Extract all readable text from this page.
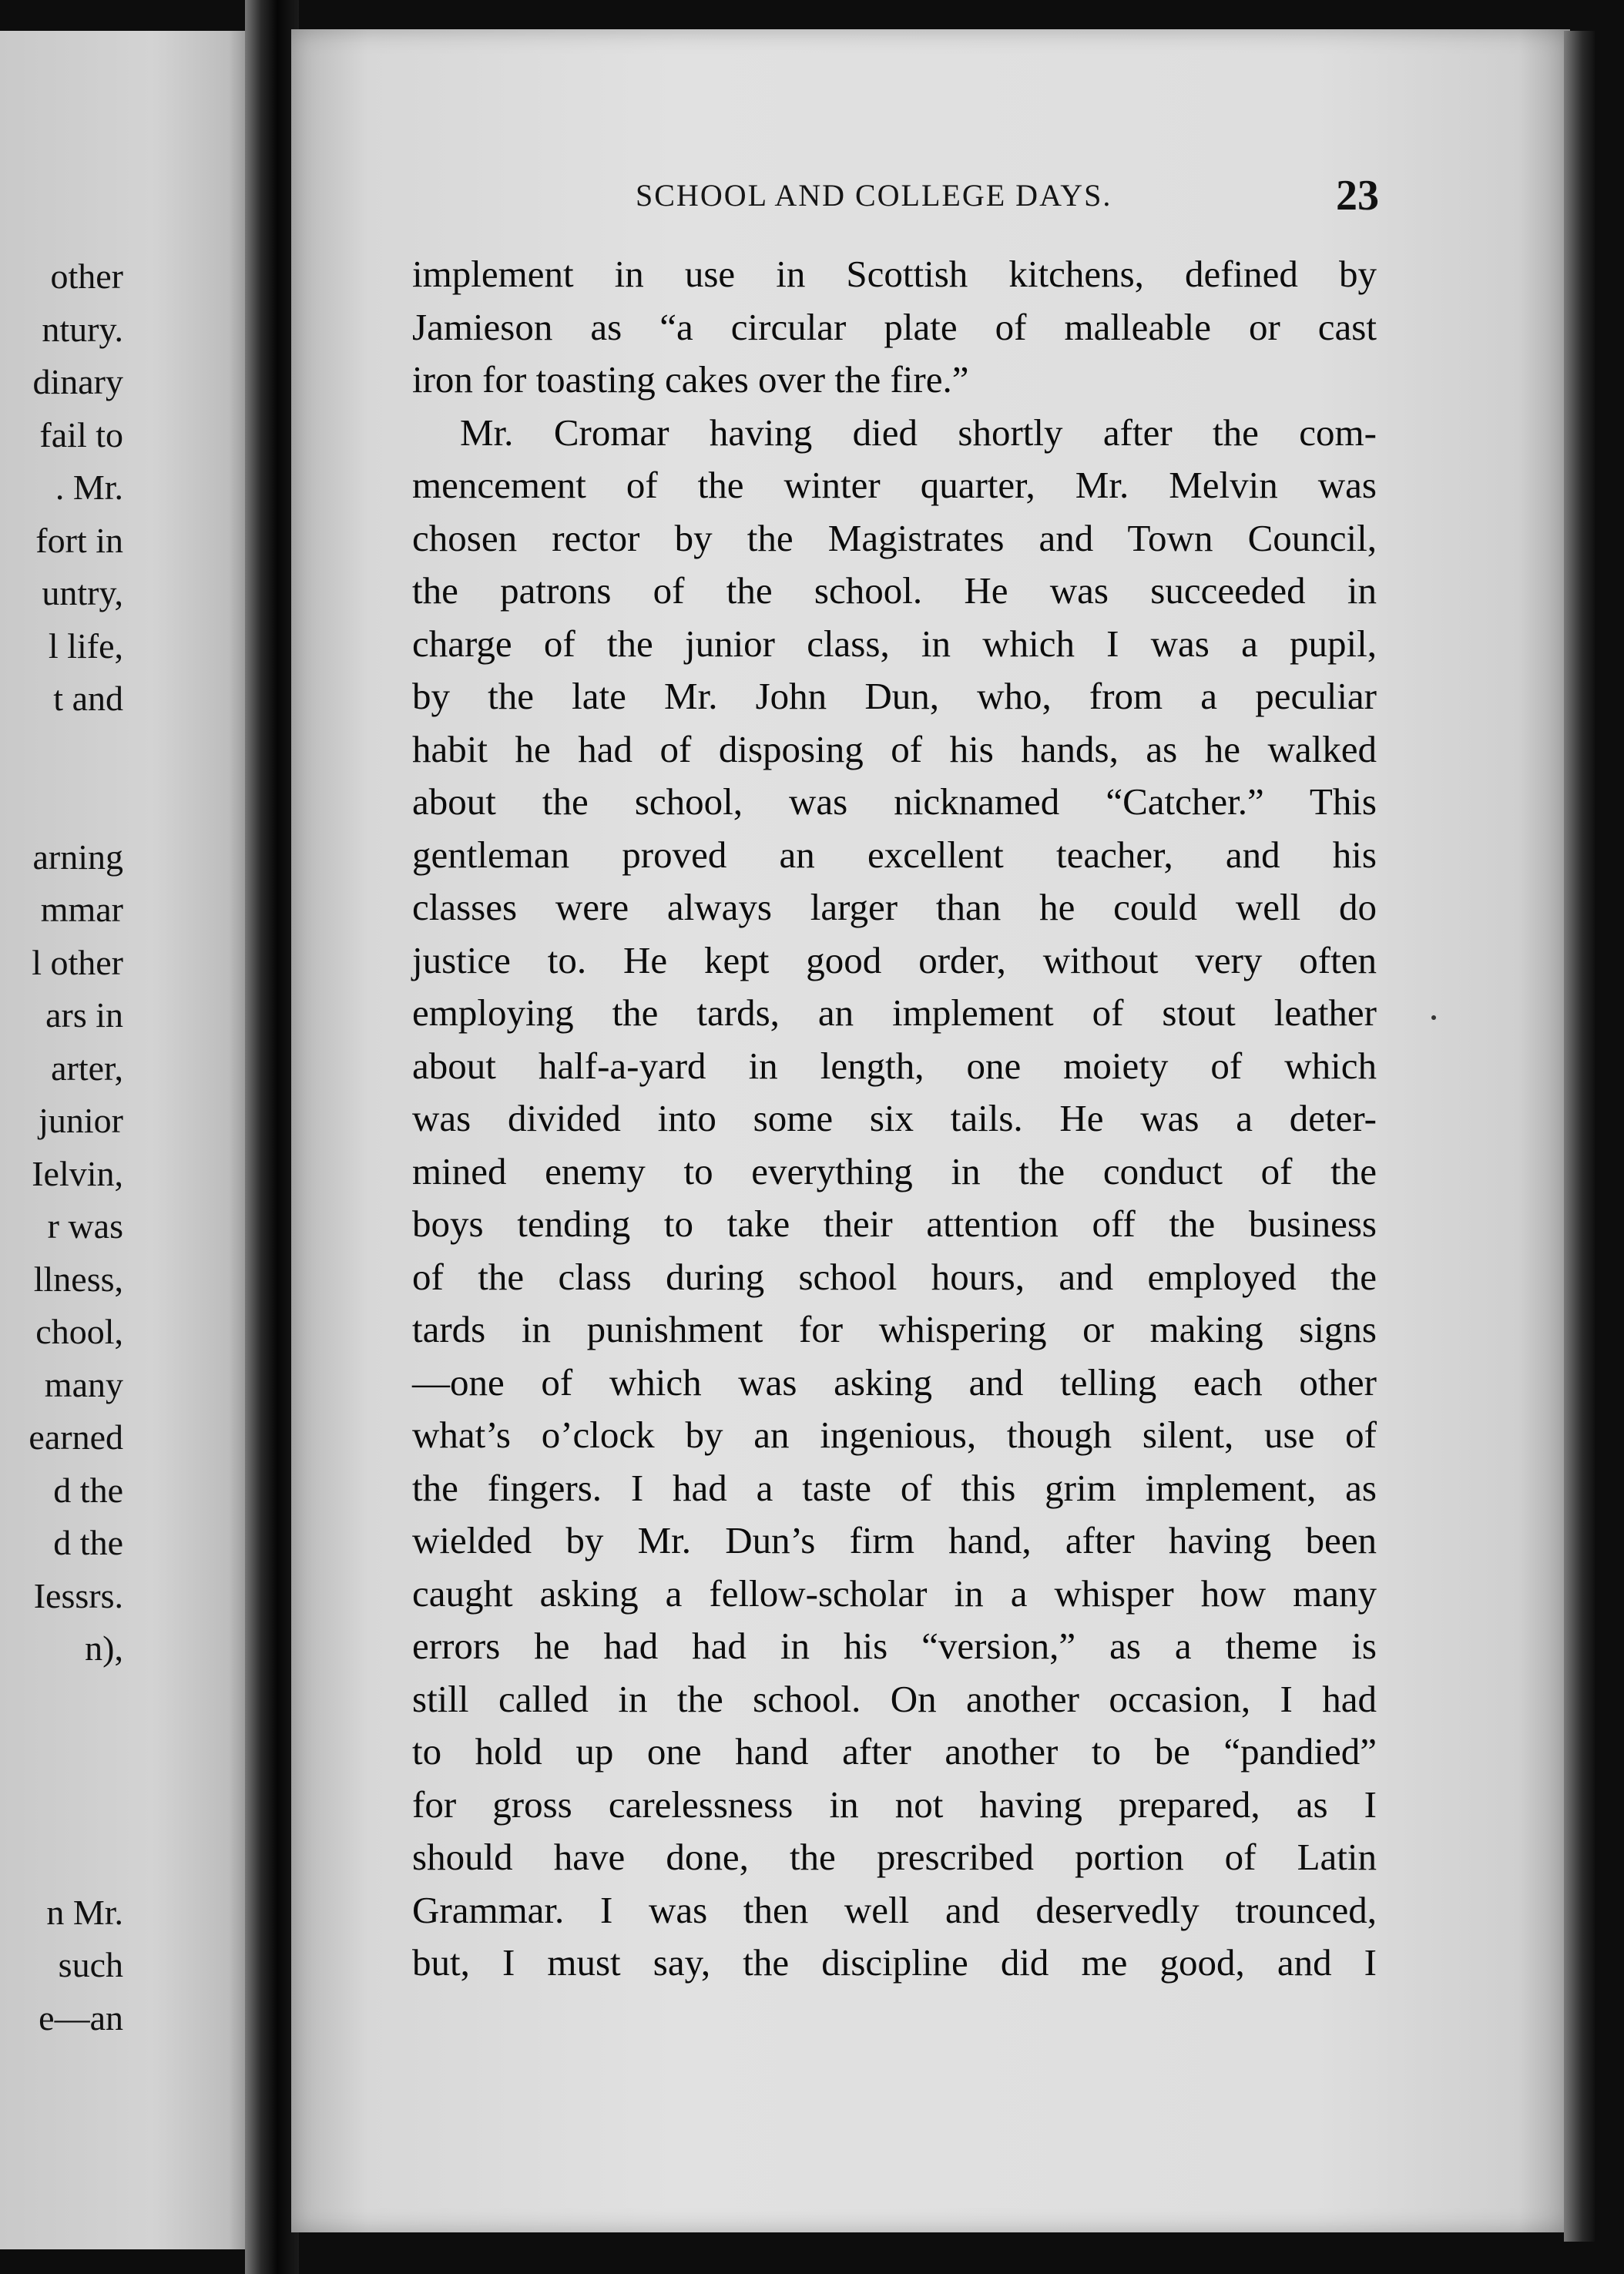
other
ntury.
dinary
fail to
. Mr.
fort in
untry,
l life,
t and
arning
mmar
l other
ars in
arter,
junior
Ielvin,
r was
llness,
chool,
many
earned
d the
d the
Iessrs.
n),
n Mr.
such
e—an
SCHOOL AND COLLEGE DAYS.	23
implement in use in Scottish kitchens, defined by
Jamieson as “a circular plate of malleable or cast
iron for toasting cakes over the fire.”
Mr. Cromar having died shortly after the com-
mencement of the winter quarter, Mr. Melvin was
chosen rector by the Magistrates and Town Council,
the patrons of the school. He was succeeded in
charge of the junior class, in which I was a pupil,
by the late Mr. John Dun, who, from a peculiar
habit he had of disposing of his hands, as he walked
about the school, was nicknamed “Catcher.” This
gentleman proved an excellent teacher, and his
classes were always larger than he could well do
justice to. He kept good order, without very often
employing the tards, an implement of stout leather
about half-a-yard in length, one moiety of which
was divided into some six tails. He was a deter-
mined enemy to everything in the conduct of the
boys tending to take their attention off the business
of the class during school hours, and employed the
tards in punishment for whispering or making signs
—one of which was asking and telling each other
what’s o’clock by an ingenious, though silent, use of
the fingers. I had a taste of this grim implement, as
wielded by Mr. Dun’s firm hand, after having been
caught asking a fellow-scholar in a whisper how many
errors he had had in his “version,” as a theme is
still called in the school. On another occasion, I had
to hold up one hand after another to be “pandied”
for gross carelessness in not having prepared, as I
should have done, the prescribed portion of Latin
Grammar. I was then well and deservedly trounced,
but, I must say, the discipline did me good, and I
